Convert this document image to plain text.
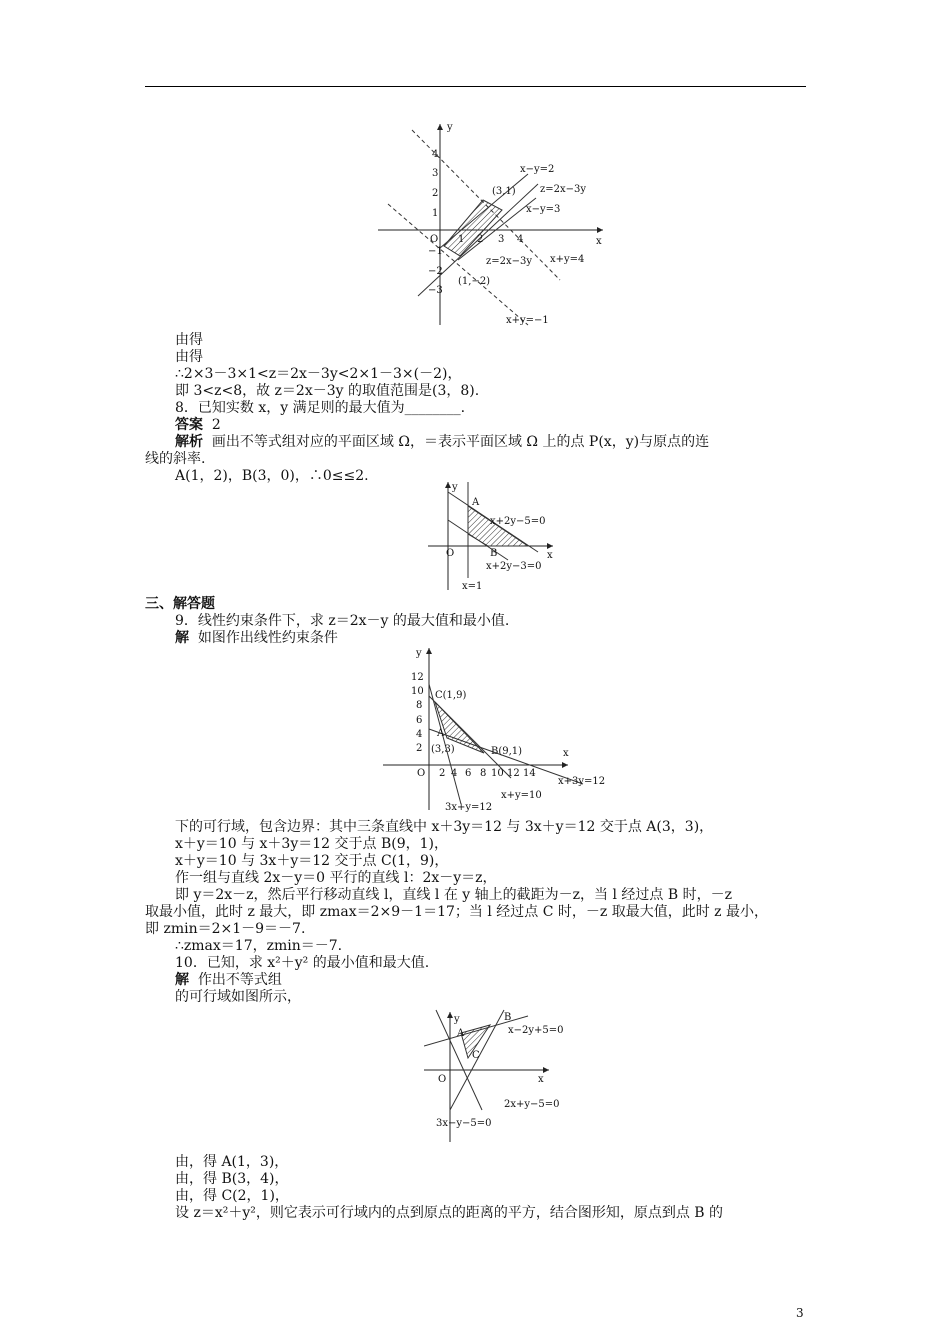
y
x
O
4
3
2
1
−1
−2
−3
1 2 3 4
x−y=2
(3,1) z=2x−3y
x−y=3
x+y=4
z=2x−3y
(1,−2)
x+y=−1
由得
由得
∴2×3－3×1<z＝2x－3y<2×1－3×(－2)，
即 3<z<8，故 z＝2x－3y 的取值范围是(3，8).
8．已知实数 x，y 满足则的最大值为________.
答案 2
解析 画出不等式组对应的平面区域 Ω，＝表示平面区域 Ω 上的点 P(x，y)与原点的连
线的斜率.
A(1，2)，B(3，0)，∴0≤≤2.
y
x
O
A
x+2y−5=0
B
x+2y−3=0
x=1
三、解答题
9．线性约束条件下，求 z＝2x－y 的最大值和最小值.
解 如图作出线性约束条件
y
x
O
12
10
8
6
4
2
2 4 6 8 10 12 14
C(1,9)
A
(3,3)	B(9,1)
x+3y=12
x+y=10
3x+y=12
下的可行域，包含边界：其中三条直线中 x＋3y＝12 与 3x＋y＝12 交于点 A(3，3)，
x＋y＝10 与 x＋3y＝12 交于点 B(9，1)，
x＋y＝10 与 3x＋y＝12 交于点 C(1，9)，
作一组与直线 2x－y＝0 平行的直线 l：2x－y＝z，
即 y＝2x－z，然后平行移动直线 l，直线 l 在 y 轴上的截距为－z，当 l 经过点 B 时，－z
取最小值，此时 z 最大，即 zmax＝2×9－1＝17；当 l 经过点 C 时，－z 取最大值，此时 z 最小，
即 zmin＝2×1－9＝－7.
∴zmax＝17，zmin＝－7.
10．已知，求 x²＋y² 的最小值和最大值.
解 作出不等式组
的可行域如图所示，
y
x
O
B
x−2y+5=0
A
C
2x+y−5=0
3x−y−5=0
由，得 A(1，3)，
由，得 B(3，4)，
由，得 C(2，1)，
设 z＝x²＋y²，则它表示可行域内的点到原点的距离的平方，结合图形知，原点到点 B 的
3
